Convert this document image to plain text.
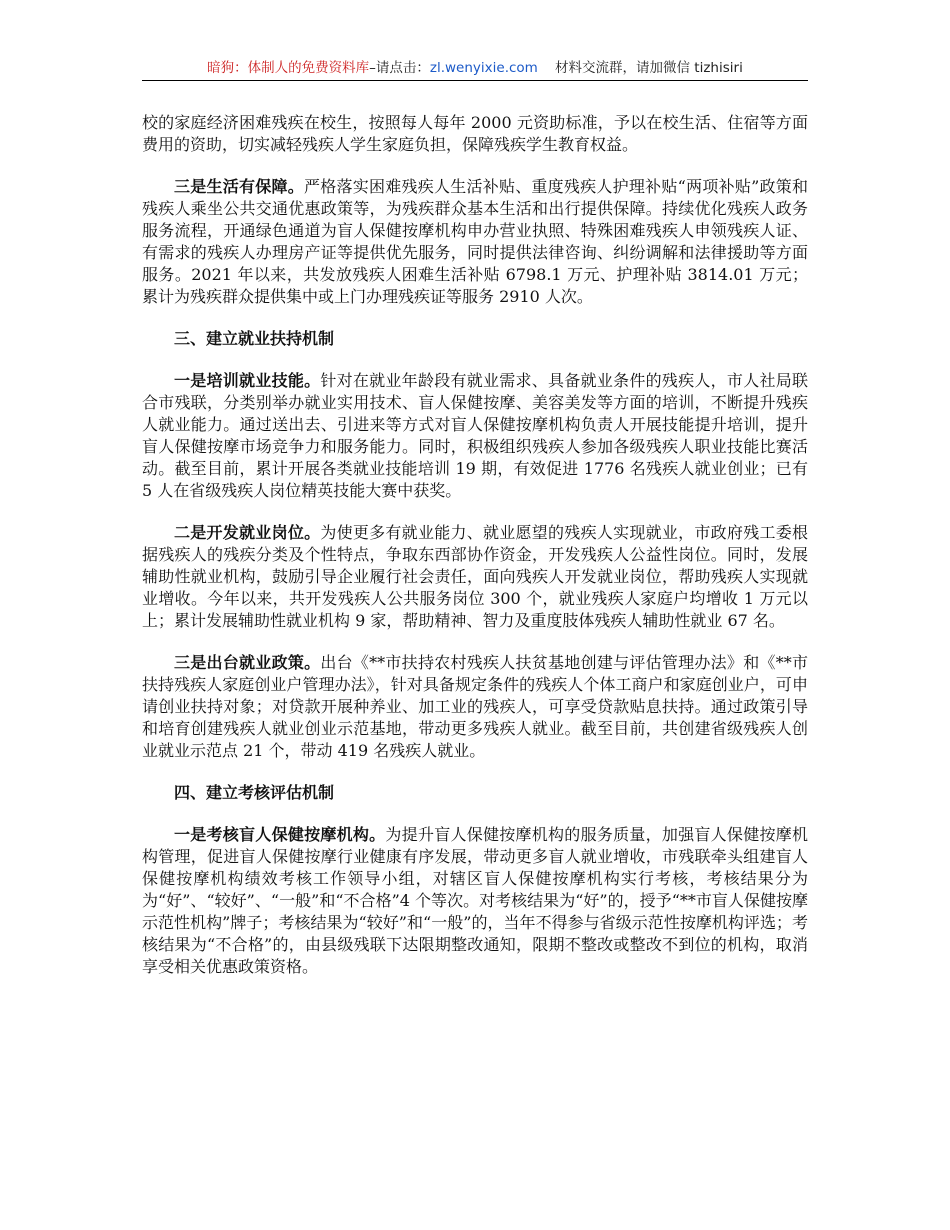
暗狗：体制人的免费资料库–请点击：zl.wenyixie.com 材料交流群，请加微信 tizhisiri

校的家庭经济困难残疾在校生，按照每人每年 2000 元资助标准，予以在校生活、住宿等方面费用的资助，切实减轻残疾人学生家庭负担，保障残疾学生教育权益。

三是生活有保障。严格落实困难残疾人生活补贴、重度残疾人护理补贴“两项补贴”政策和残疾人乘坐公共交通优惠政策等，为残疾群众基本生活和出行提供保障。持续优化残疾人政务服务流程，开通绿色通道为盲人保健按摩机构申办营业执照、特殊困难残疾人申领残疾人证、有需求的残疾人办理房产证等提供优先服务，同时提供法律咨询、纠纷调解和法律援助等方面服务。2021 年以来，共发放残疾人困难生活补贴 6798.1 万元、护理补贴 3814.01 万元；累计为残疾群众提供集中或上门办理残疾证等服务 2910 人次。

三、建立就业扶持机制

一是培训就业技能。针对在就业年龄段有就业需求、具备就业条件的残疾人，市人社局联合市残联，分类别举办就业实用技术、盲人保健按摩、美容美发等方面的培训，不断提升残疾人就业能力。通过送出去、引进来等方式对盲人保健按摩机构负责人开展技能提升培训，提升盲人保健按摩市场竞争力和服务能力。同时，积极组织残疾人参加各级残疾人职业技能比赛活动。截至目前，累计开展各类就业技能培训 19 期，有效促进 1776 名残疾人就业创业；已有 5 人在省级残疾人岗位精英技能大赛中获奖。

二是开发就业岗位。为使更多有就业能力、就业愿望的残疾人实现就业，市政府残工委根据残疾人的残疾分类及个性特点，争取东西部协作资金，开发残疾人公益性岗位。同时，发展辅助性就业机构，鼓励引导企业履行社会责任，面向残疾人开发就业岗位，帮助残疾人实现就业增收。今年以来，共开发残疾人公共服务岗位 300 个，就业残疾人家庭户均增收 1 万元以上；累计发展辅助性就业机构 9 家，帮助精神、智力及重度肢体残疾人辅助性就业 67 名。

三是出台就业政策。出台《**市扶持农村残疾人扶贫基地创建与评估管理办法》和《**市扶持残疾人家庭创业户管理办法》，针对具备规定条件的残疾人个体工商户和家庭创业户，可申请创业扶持对象；对贷款开展种养业、加工业的残疾人，可享受贷款贴息扶持。通过政策引导和培育创建残疾人就业创业示范基地，带动更多残疾人就业。截至目前，共创建省级残疾人创业就业示范点 21 个，带动 419 名残疾人就业。

四、建立考核评估机制

一是考核盲人保健按摩机构。为提升盲人保健按摩机构的服务质量，加强盲人保健按摩机构管理，促进盲人保健按摩行业健康有序发展，带动更多盲人就业增收，市残联牵头组建盲人保健按摩机构绩效考核工作领导小组，对辖区盲人保健按摩机构实行考核，考核结果分为为“好”、“较好”、“一般”和“不合格”4 个等次。对考核结果为“好”的，授予“**市盲人保健按摩示范性机构”牌子；考核结果为“较好”和“一般”的，当年不得参与省级示范性按摩机构评选；考核结果为“不合格”的，由县级残联下达限期整改通知，限期不整改或整改不到位的机构，取消享受相关优惠政策资格。
